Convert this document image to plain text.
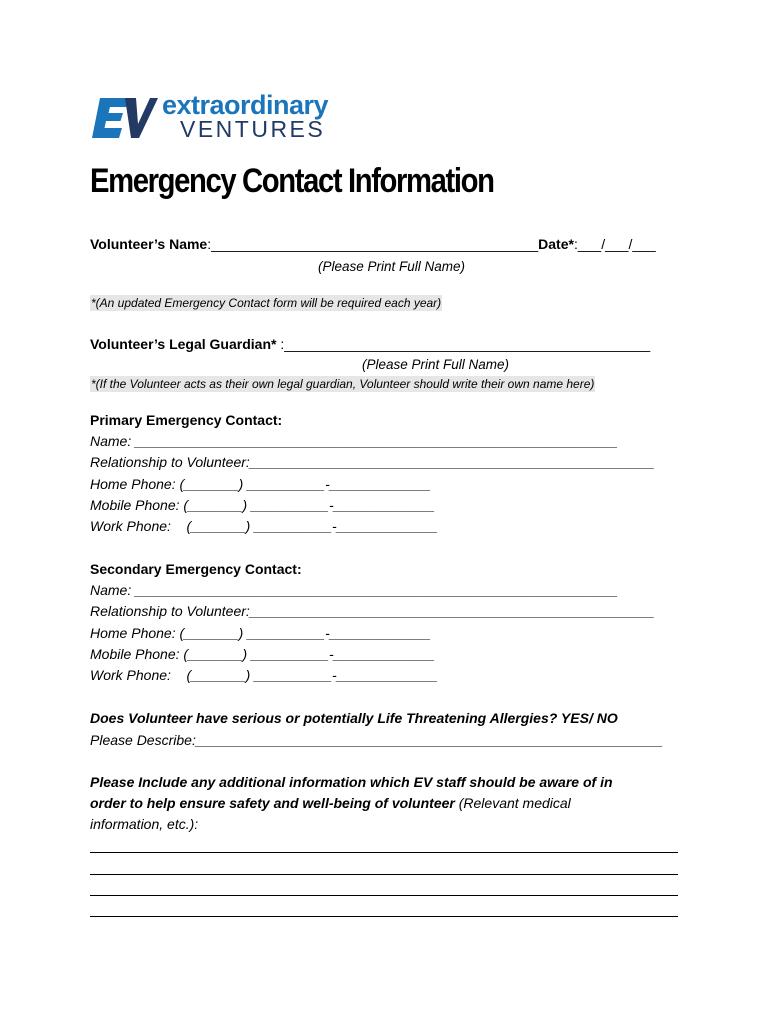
extraordinary
VENTURES
Emergency Contact Information
Volunteer’s Name:__________________________________________Date*:___/___/___
(Please Print Full Name)
*(An updated Emergency Contact form will be required each year)
Volunteer’s Legal Guardian* :_______________________________________________
(Please Print Full Name)
*(If the Volunteer acts as their own legal guardian, Volunteer should write their own name here)
Primary Emergency Contact:
Name: ______________________________________________________________
Relationship to Volunteer:____________________________________________________
Home Phone: (_______) __________-_____________
Mobile Phone: (_______) __________-_____________
Work Phone:    (_______) __________-_____________
Secondary Emergency Contact:
Name: ______________________________________________________________
Relationship to Volunteer:____________________________________________________
Home Phone: (_______) __________-_____________
Mobile Phone: (_______) __________-_____________
Work Phone:    (_______) __________-_____________
Does Volunteer have serious or potentially Life Threatening Allergies? YES/ NO
Please Describe:____________________________________________________________
Please Include any additional information which EV staff should be aware of in
order to help ensure safety and well-being of volunteer (Relevant medical
information, etc.):
